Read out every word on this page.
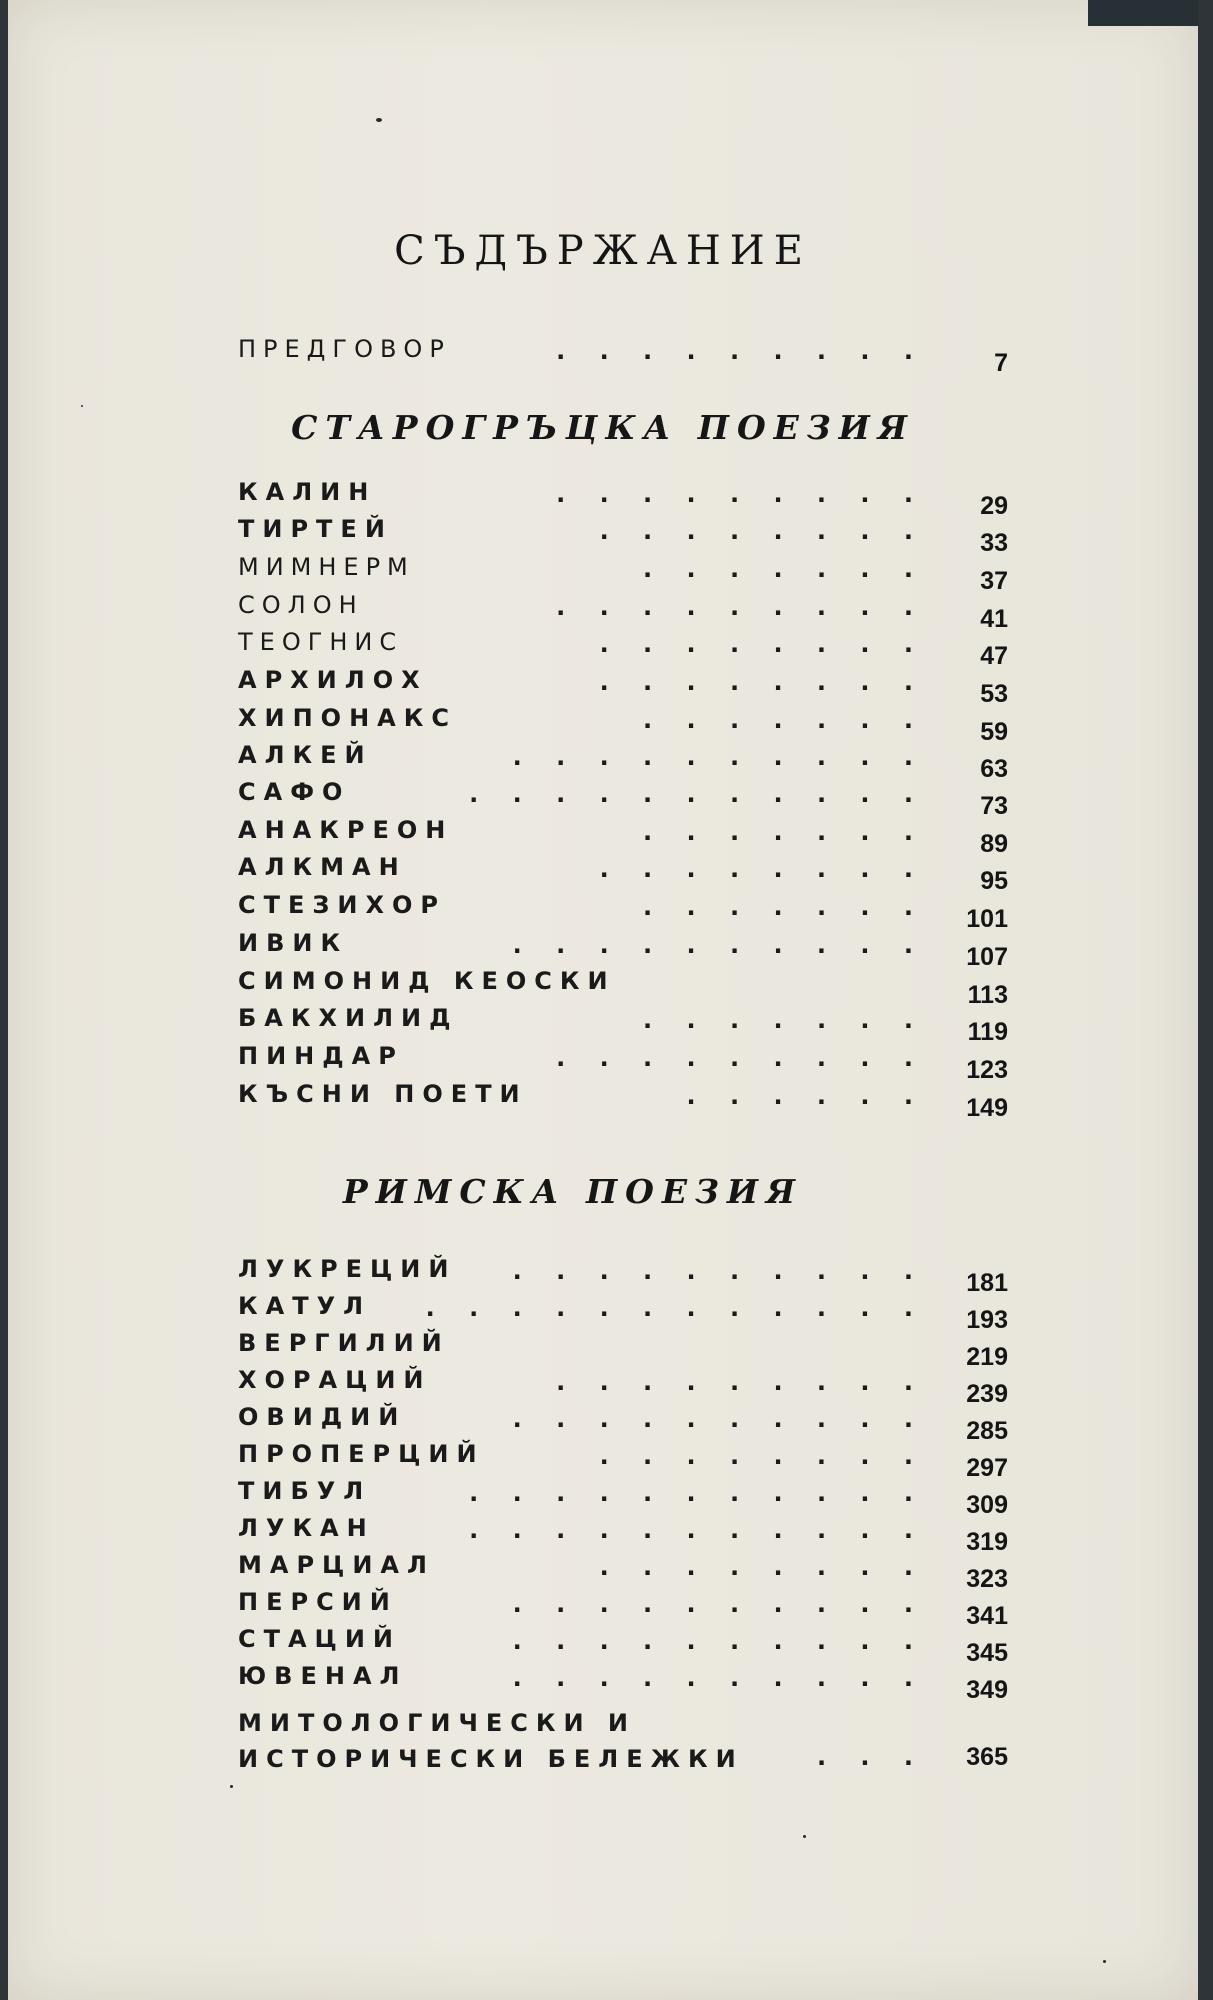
СЪДЪРЖАНИЕ
ПРЕДГОВОР	. . . . . . . . .	7
СТАРОГРЪЦКА ПОЕЗИЯ
КАЛИН	. . . . . . . . .	29
ТИРТЕЙ	. . . . . . . .	33
МИМНЕРМ	. . . . . . .	37
СОЛОН	. . . . . . . . .	41
ТЕОГНИС	. . . . . . . .	47
АРХИЛОХ	. . . . . . . .	53
ХИПОНАКС	. . . . . . .	59
АЛКЕЙ	. . . . . . . . . .	63
САФО	. . . . . . . . . . .	73
АНАКРЕОН	. . . . . . .	89
АЛКМАН	. . . . . . . .	95
СТЕЗИХОР	. . . . . . .	101
ИВИК	. . . . . . . . . .	107
СИМОНИД КЕОСКИ	113
БАКХИЛИД	. . . . . . .	119
ПИНДАР	. . . . . . . . .	123
КЪСНИ ПОЕТИ	. . . . . .	149
РИМСКА ПОЕЗИЯ
ЛУКРЕЦИЙ	. . . . . . . . . .	181
КАТУЛ	. . . . . . . . . . . .	193
ВЕРГИЛИЙ	219
ХОРАЦИЙ	. . . . . . . . .	239
ОВИДИЙ	. . . . . . . . . .	285
ПРОПЕРЦИЙ	. . . . . . . .	297
ТИБУЛ	. . . . . . . . . . .	309
ЛУКАН	. . . . . . . . . . .	319
МАРЦИАЛ	. . . . . . . .	323
ПЕРСИЙ	. . . . . . . . . .	341
СТАЦИЙ	. . . . . . . . . .	345
ЮВЕНАЛ	. . . . . . . . . .	349
МИТОЛОГИЧЕСКИ И
ИСТОРИЧЕСКИ БЕЛЕЖКИ	. . .	365
